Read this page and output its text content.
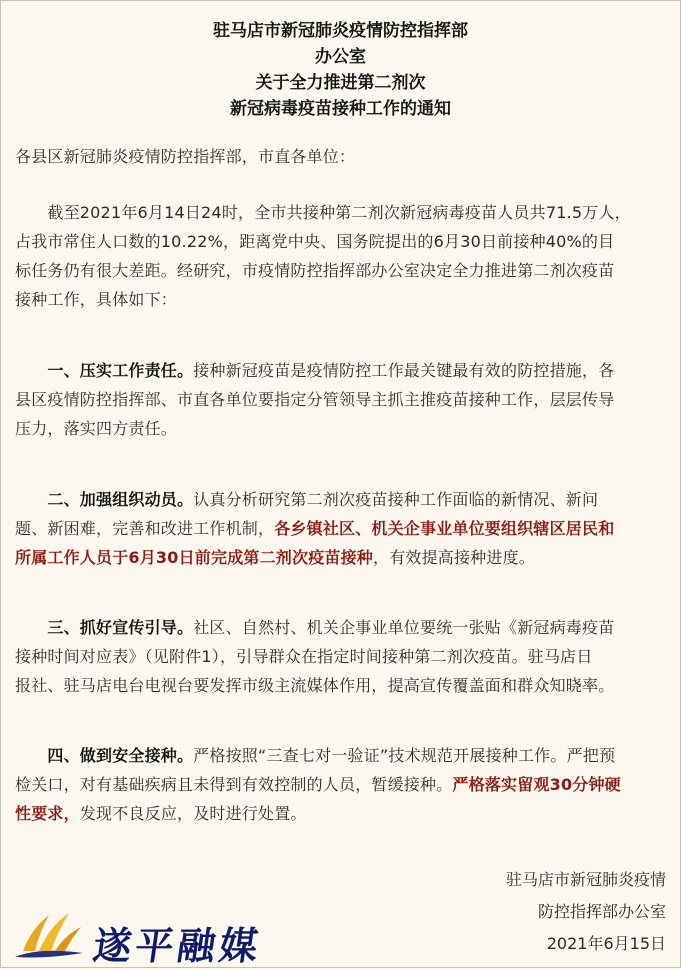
驻马店市新冠肺炎疫情防控指挥部
办公室
关于全力推进第二剂次
新冠病毒疫苗接种工作的通知
各县区新冠肺炎疫情防控指挥部，市直各单位：
　　截至2021年6月14日24时，全市共接种第二剂次新冠病毒疫苗人员共71.5万人，
占我市常住人口数的10.22%，距离党中央、国务院提出的6月30日前接种40%的目
标任务仍有很大差距。经研究，市疫情防控指挥部办公室决定全力推进第二剂次疫苗
接种工作，具体如下：
　　一、压实工作责任。接种新冠疫苗是疫情防控工作最关键最有效的防控措施，各
县区疫情防控指挥部、市直各单位要指定分管领导主抓主推疫苗接种工作，层层传导
压力，落实四方责任。
　　二、加强组织动员。认真分析研究第二剂次疫苗接种工作面临的新情况、新问
题、新困难，完善和改进工作机制，各乡镇社区、机关企事业单位要组织辖区居民和
所属工作人员于6月30日前完成第二剂次疫苗接种，有效提高接种进度。
　　三、抓好宣传引导。社区、自然村、机关企事业单位要统一张贴《新冠病毒疫苗
接种时间对应表》（见附件1），引导群众在指定时间接种第二剂次疫苗。驻马店日
报社、驻马店电台电视台要发挥市级主流媒体作用，提高宣传覆盖面和群众知晓率。
　　四、做到安全接种。严格按照“三查七对一验证”技术规范开展接种工作。严把预
检关口，对有基础疾病且未得到有效控制的人员，暂缓接种。严格落实留观30分钟硬
性要求，发现不良反应，及时进行处置。
驻马店市新冠肺炎疫情
防控指挥部办公室
2021年6月15日
遂平融媒
